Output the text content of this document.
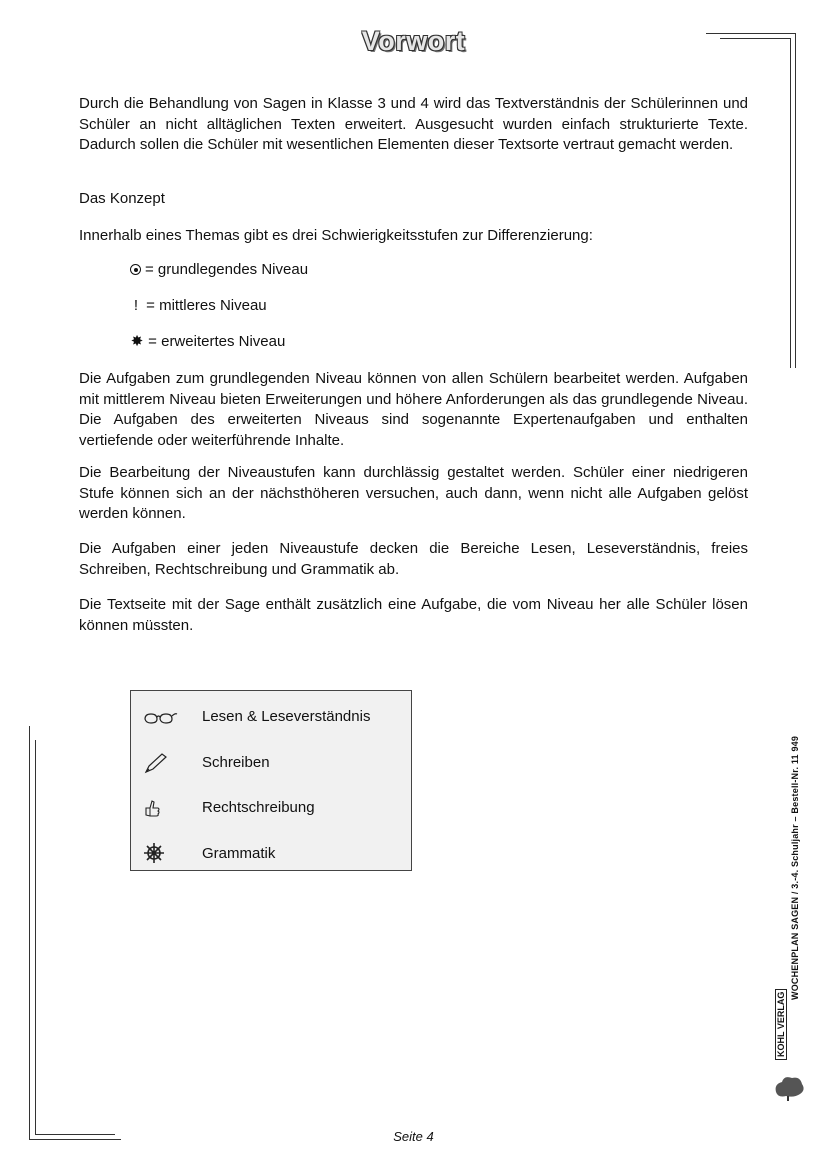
Vorwort

Durch die Behandlung von Sagen in Klasse 3 und 4 wird das Textverständnis der Schülerinnen und Schüler an nicht alltäglichen Texten erweitert. Ausgesucht wurden einfach strukturierte Texte. Dadurch sollen die Schüler mit wesentlichen Elementen dieser Textsorte vertraut gemacht werden.

Das Konzept

Innerhalb eines Themas gibt es drei Schwierigkeitsstufen zur Differenzierung:

= grundlegendes Niveau
! = mittleres Niveau
✸ = erweitertes Niveau

Die Aufgaben zum grundlegenden Niveau können von allen Schülern bearbeitet werden. Aufgaben mit mittlerem Niveau bieten Erweiterungen und höhere Anforderungen als das grundlegende Niveau. Die Aufgaben des erweiterten Niveaus sind sogenannte Expertenaufgaben und enthalten vertiefende oder weiterführende Inhalte.

Die Bearbeitung der Niveaustufen kann durchlässig gestaltet werden. Schüler einer niedrigeren Stufe können sich an der nächsthöheren versuchen, auch dann, wenn nicht alle Aufgaben gelöst werden können.

Die Aufgaben einer jeden Niveaustufe decken die Bereiche Lesen, Leseverständnis, freies Schreiben, Rechtschreibung und Grammatik ab.

Die Textseite mit der Sage enthält zusätzlich eine Aufgabe, die vom Niveau her alle Schüler lösen können müssten.

Lesen & Leseverständnis
Schreiben
Rechtschreibung
Grammatik	WOCHENPLAN SAGEN / 3.-4. Schuljahr – Bestell-Nr. 11 949
KOHL VERLAG
Seite 4
